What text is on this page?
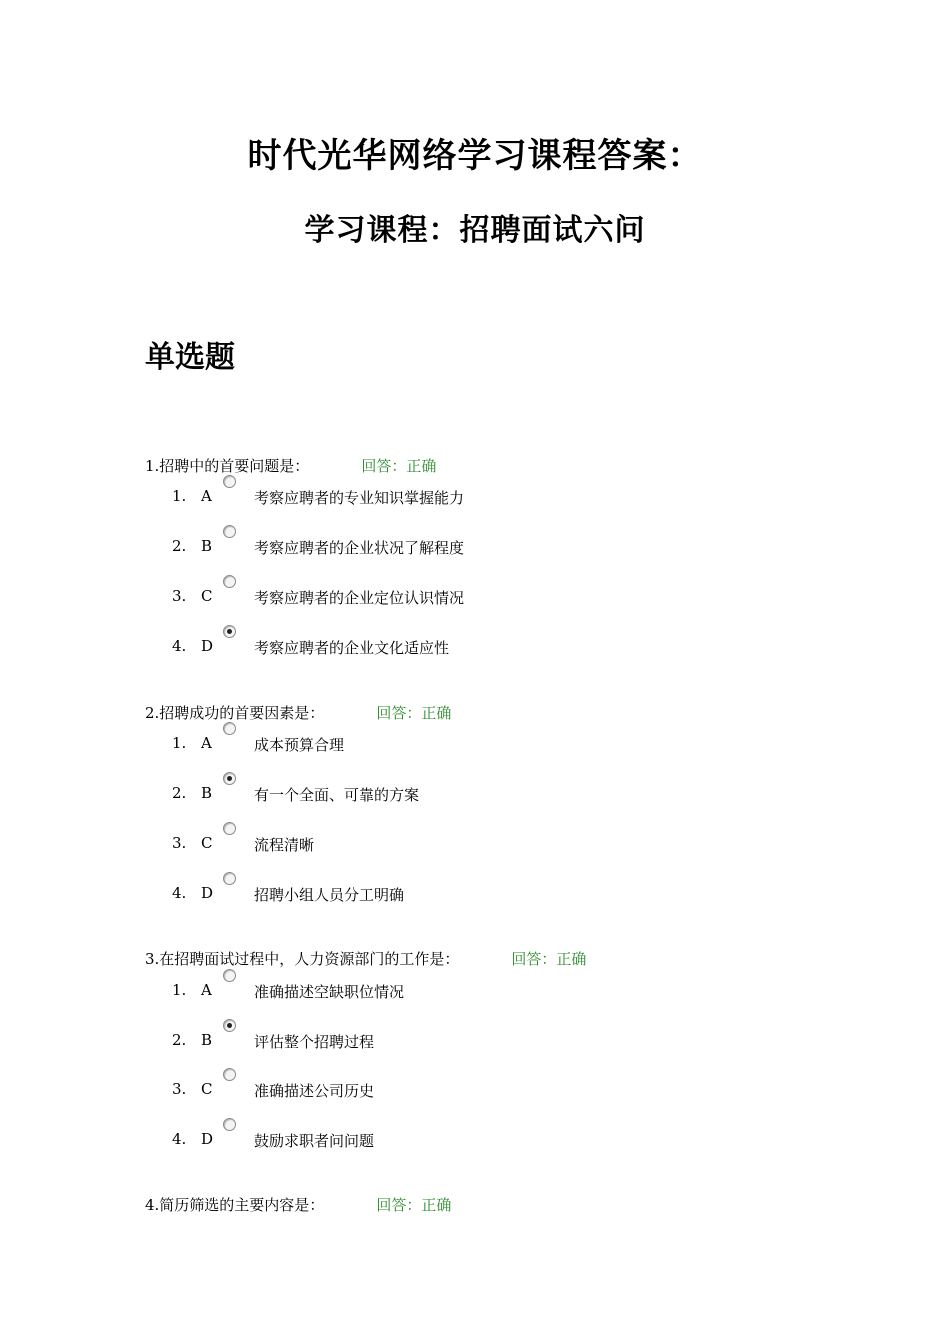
时代光华网络学习课程答案：
学习课程：招聘面试六问
单选题
1.招聘中的首要问题是：	回答：正确
1. A	考察应聘者的专业知识掌握能力
2. B	考察应聘者的企业状况了解程度
3. C	考察应聘者的企业定位认识情况
4. D	考察应聘者的企业文化适应性
2.招聘成功的首要因素是：	回答：正确
1. A	成本预算合理
2. B	有一个全面、可靠的方案
3. C	流程清晰
4. D	招聘小组人员分工明确
3.在招聘面试过程中，人力资源部门的工作是：	回答：正确
1. A	准确描述空缺职位情况
2. B	评估整个招聘过程
3. C	准确描述公司历史
4. D	鼓励求职者问问题
4.简历筛选的主要内容是：	回答：正确
